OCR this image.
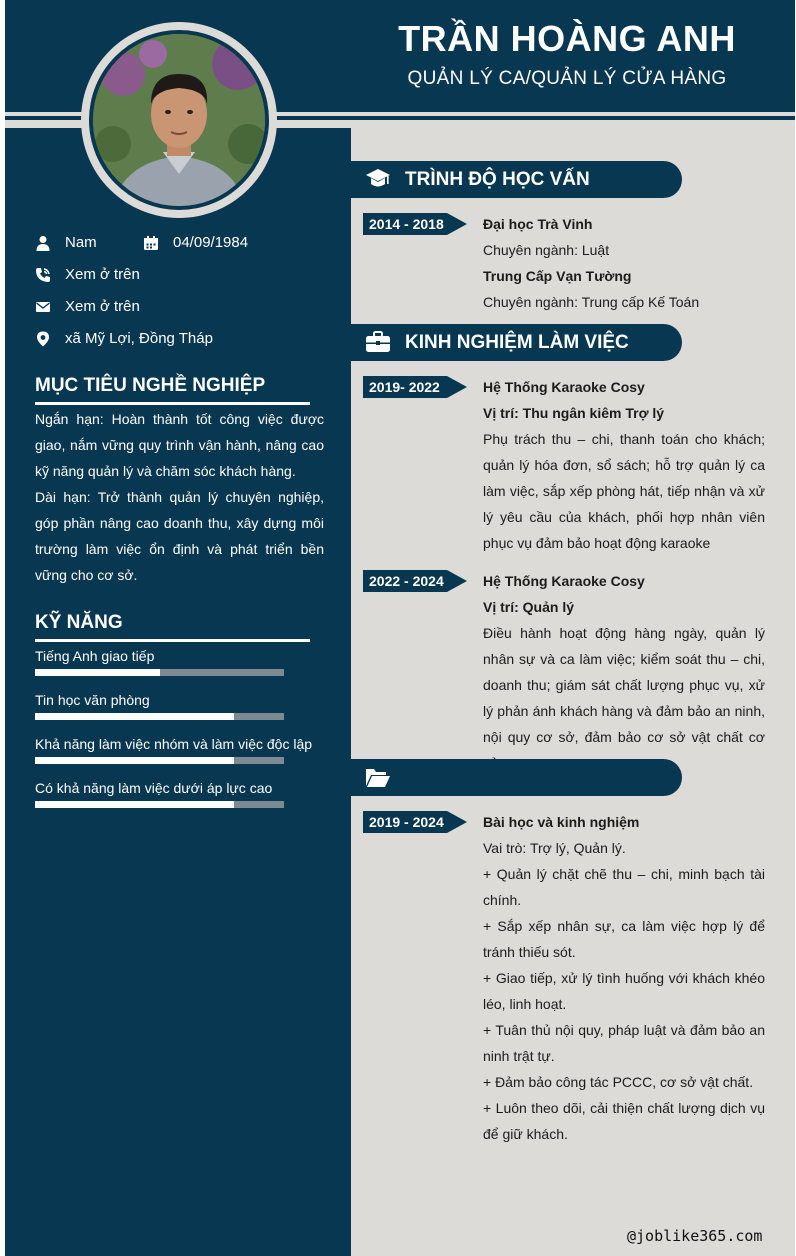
TRẦN HOÀNG ANH
QUẢN LÝ CA/QUẢN LÝ CỬA HÀNG
Nam	04/09/1984
Xem ở trên
Xem ở trên
xã Mỹ Lợi, Đồng Tháp
MỤC TIÊU NGHỀ NGHIỆP
Ngắn hạn: Hoàn thành tốt công việc được giao, nắm vững quy trình vận hành, nâng cao kỹ năng quản lý và chăm sóc khách hàng.
Dài hạn: Trở thành quản lý chuyên nghiệp, góp phần nâng cao doanh thu, xây dựng môi trường làm việc ổn định và phát triển bền vững cho cơ sở.
KỸ NĂNG
Tiếng Anh giao tiếp
Tin học văn phòng
Khả năng làm việc nhóm và làm việc độc lập
Có khả năng làm việc dưới áp lực cao
TRÌNH ĐỘ HỌC VẤN
2014 - 2018	Đại học Trà Vinh
Chuyên ngành: Luật
Trung Cấp Vạn Tường
Chuyên ngành: Trung cấp Kế Toán
KINH NGHIỆM LÀM VIỆC
2019- 2022	Hệ Thống Karaoke Cosy
Vị trí: Thu ngân kiêm Trợ lý
Phụ trách thu – chi, thanh toán cho khách; quản lý hóa đơn, sổ sách; hỗ trợ quản lý ca làm việc, sắp xếp phòng hát, tiếp nhận và xử lý yêu cầu của khách, phối hợp nhân viên phục vụ đảm bảo hoạt động karaoke
2022 - 2024	Hệ Thống Karaoke Cosy
Vị trí: Quản lý
Điều hành hoạt động hàng ngày, quản lý nhân sự và ca làm việc; kiểm soát thu – chi, doanh thu; giám sát chất lượng phục vụ, xử lý phản ánh khách hàng và đảm bảo an ninh, nội quy cơ sở, đảm bảo cơ sở vật chất cơ
2019 - 2024	Bài học và kinh nghiệm
Vai trò: Trợ lý, Quản lý.
+ Quản lý chặt chẽ thu – chi, minh bạch tài chính.
+ Sắp xếp nhân sự, ca làm việc hợp lý để tránh thiếu sót.
+ Giao tiếp, xử lý tình huống với khách khéo léo, linh hoạt.
+ Tuân thủ nội quy, pháp luật và đảm bảo an ninh trật tự.
+ Đảm bảo công tác PCCC, cơ sở vật chất.
+ Luôn theo dõi, cải thiện chất lượng dịch vụ để giữ khách.
@joblike365.com
